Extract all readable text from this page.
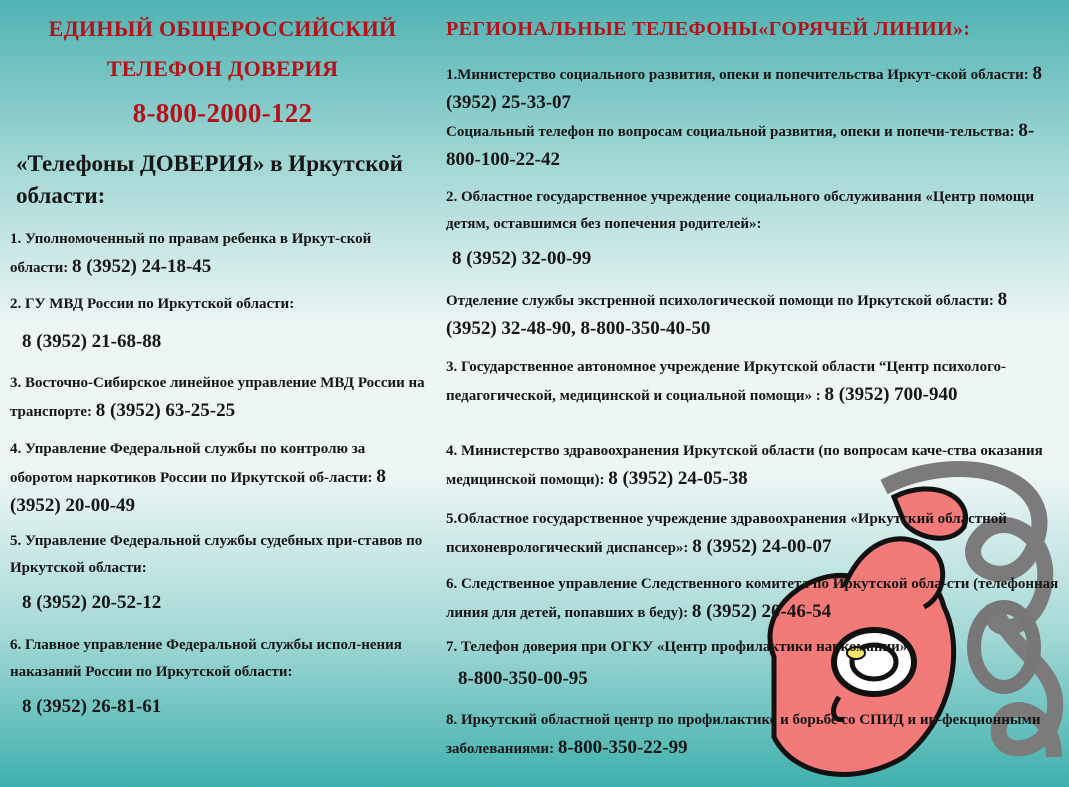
ЕДИНЫЙ ОБЩЕРОССИЙСКИЙ
ТЕЛЕФОН ДОВЕРИЯ
8-800-2000-122
«Телефоны ДОВЕРИЯ» в Иркутской области:
1. Уполномоченный по правам ребенка в Иркут-ской области: 8 (3952) 24-18-45
2. ГУ МВД России по Иркутской области:
8 (3952) 21-68-88
3. Восточно-Сибирское линейное управление МВД России на транспорте: 8 (3952) 63-25-25
4. Управление Федеральной службы по контролю за оборотом наркотиков России по Иркутской об-ласти: 8 (3952) 20-00-49
5. Управление Федеральной службы судебных при-ставов по Иркутской области:
8 (3952) 20-52-12
6. Главное управление Федеральной службы испол-нения наказаний России по Иркутской области:
8 (3952) 26-81-61
РЕГИОНАЛЬНЫЕ ТЕЛЕФОНЫ«ГОРЯЧЕЙ ЛИНИИ»:
1.Министерство социального развития, опеки и попечительства Иркут-ской области: 8 (3952) 25-33-07
Социальный телефон по вопросам социальной развития, опеки и попечи-тельства: 8-800-100-22-42
2. Областное государственное учреждение социального обслуживания «Центр помощи детям, оставшимся без попечения родителей»:
8 (3952) 32-00-99
Отделение службы экстренной психологической помощи по Иркутской области: 8 (3952) 32-48-90, 8-800-350-40-50
3. Государственное автономное учреждение Иркутской области “Центр психолого-педагогической, медицинской и социальной помощи» : 8 (3952) 700-940
4. Министерство здравоохранения Иркутской области (по вопросам каче-ства оказания медицинской помощи): 8 (3952) 24-05-38
5.Областное государственное учреждение здравоохранения «Иркутский областной психоневрологический диспансер»: 8 (3952) 24-00-07
6. Следственное управление Следственного комитета по Иркутской обла-сти (телефонная линия для детей, попавших в беду): 8 (3952) 20-46-54
7. Телефон доверия при ОГКУ «Центр профилактики наркомании»:
8-800-350-00-95
8. Иркутский областной центр по профилактике и борьбе со СПИД и ин-фекционными заболеваниями: 8-800-350-22-99
